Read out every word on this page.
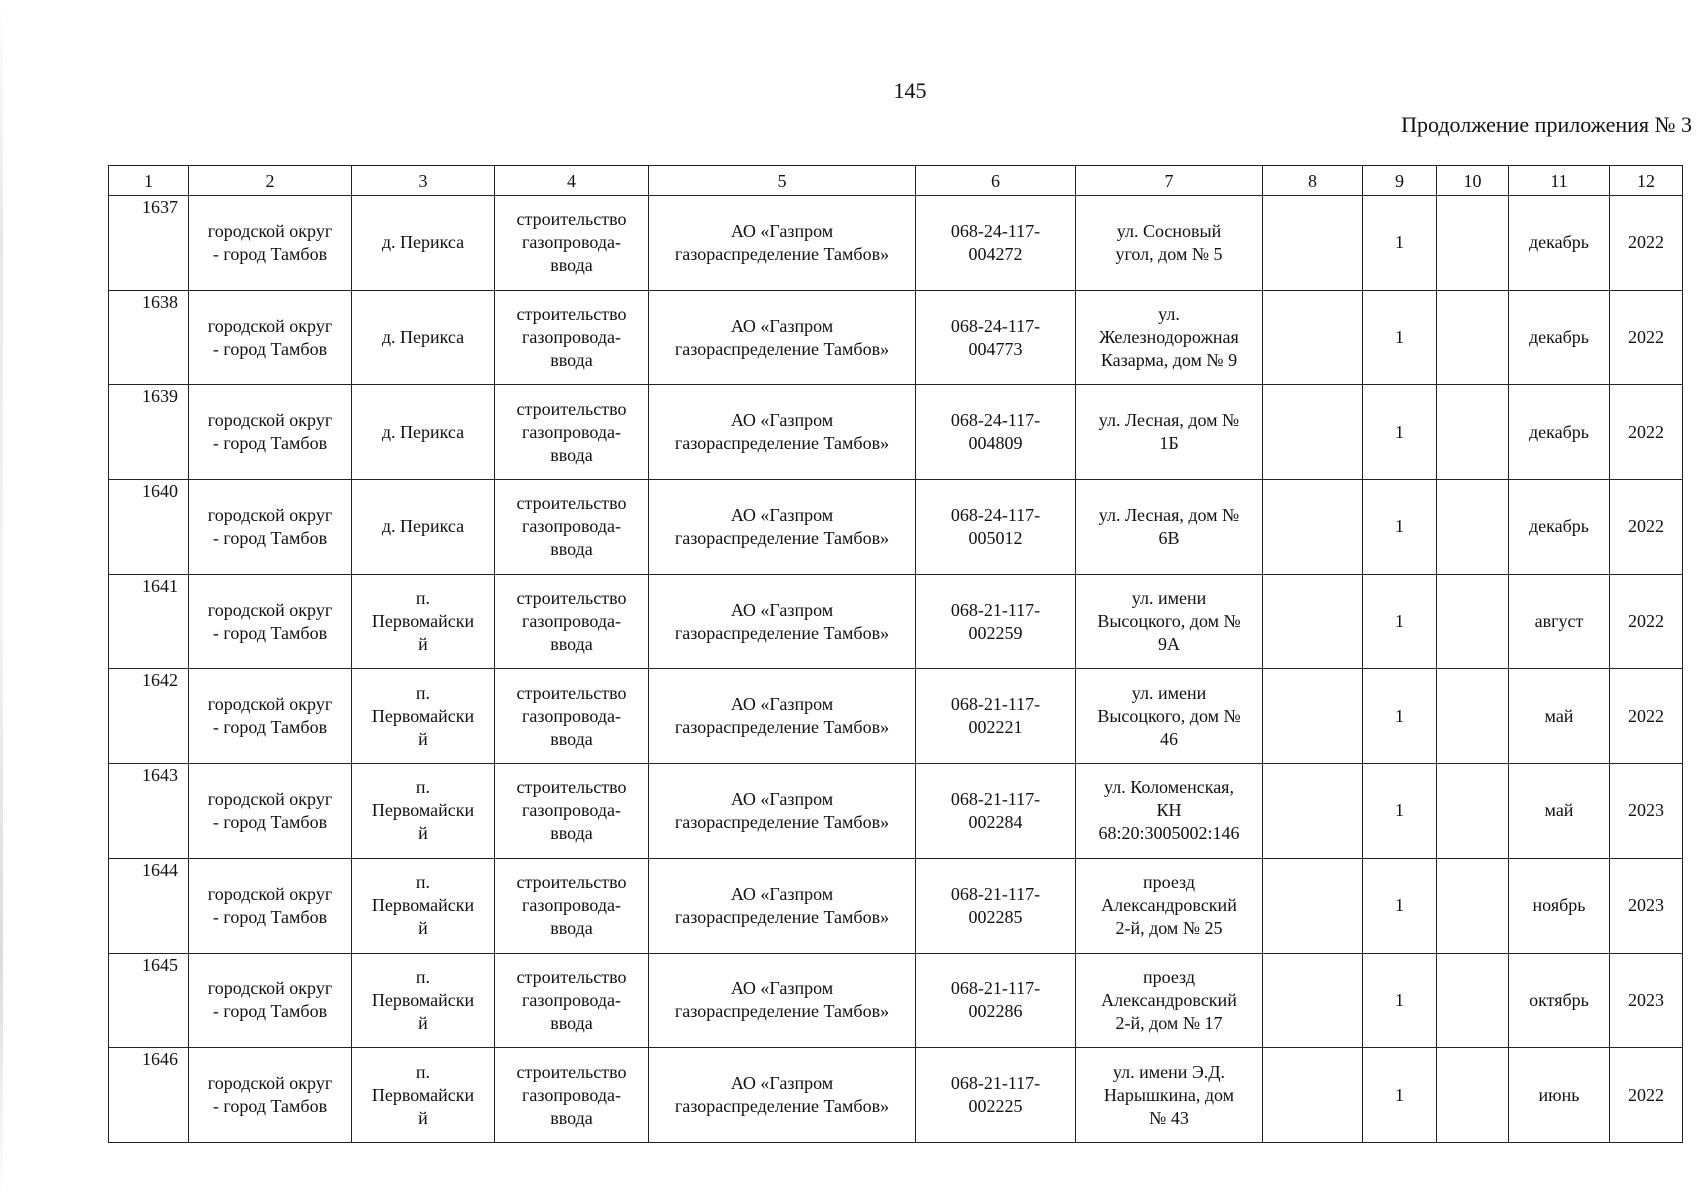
145
Продолжение приложения № 3
1	2	3	4	5	6	7	8	9	10	11	12
1637	городской округ
- город Тамбов	д. Перикса	строительство
газопровода-
ввода	АО «Газпром
газораспределение Тамбов»	068-24-117-
004272	ул. Сосновый
угол, дом № 5		1		декабрь	2022
1638	городской округ
- город Тамбов	д. Перикса	строительство
газопровода-
ввода	АО «Газпром
газораспределение Тамбов»	068-24-117-
004773	ул.
Железнодорожная
Казарма, дом № 9		1		декабрь	2022
1639	городской округ
- город Тамбов	д. Перикса	строительство
газопровода-
ввода	АО «Газпром
газораспределение Тамбов»	068-24-117-
004809	ул. Лесная, дом №
1Б		1		декабрь	2022
1640	городской округ
- город Тамбов	д. Перикса	строительство
газопровода-
ввода	АО «Газпром
газораспределение Тамбов»	068-24-117-
005012	ул. Лесная, дом №
6В		1		декабрь	2022
1641	городской округ
- город Тамбов	п.
Первомайски
й	строительство
газопровода-
ввода	АО «Газпром
газораспределение Тамбов»	068-21-117-
002259	ул. имени
Высоцкого, дом №
9А		1		август	2022
1642	городской округ
- город Тамбов	п.
Первомайски
й	строительство
газопровода-
ввода	АО «Газпром
газораспределение Тамбов»	068-21-117-
002221	ул. имени
Высоцкого, дом №
46		1		май	2022
1643	городской округ
- город Тамбов	п.
Первомайски
й	строительство
газопровода-
ввода	АО «Газпром
газораспределение Тамбов»	068-21-117-
002284	ул. Коломенская,
КН
68:20:3005002:146		1		май	2023
1644	городской округ
- город Тамбов	п.
Первомайски
й	строительство
газопровода-
ввода	АО «Газпром
газораспределение Тамбов»	068-21-117-
002285	проезд
Александровский
2-й, дом № 25		1		ноябрь	2023
1645	городской округ
- город Тамбов	п.
Первомайски
й	строительство
газопровода-
ввода	АО «Газпром
газораспределение Тамбов»	068-21-117-
002286	проезд
Александровский
2-й, дом № 17		1		октябрь	2023
1646	городской округ
- город Тамбов	п.
Первомайски
й	строительство
газопровода-
ввода	АО «Газпром
газораспределение Тамбов»	068-21-117-
002225	ул. имени Э.Д.
Нарышкина, дом
№ 43		1		июнь	2022
